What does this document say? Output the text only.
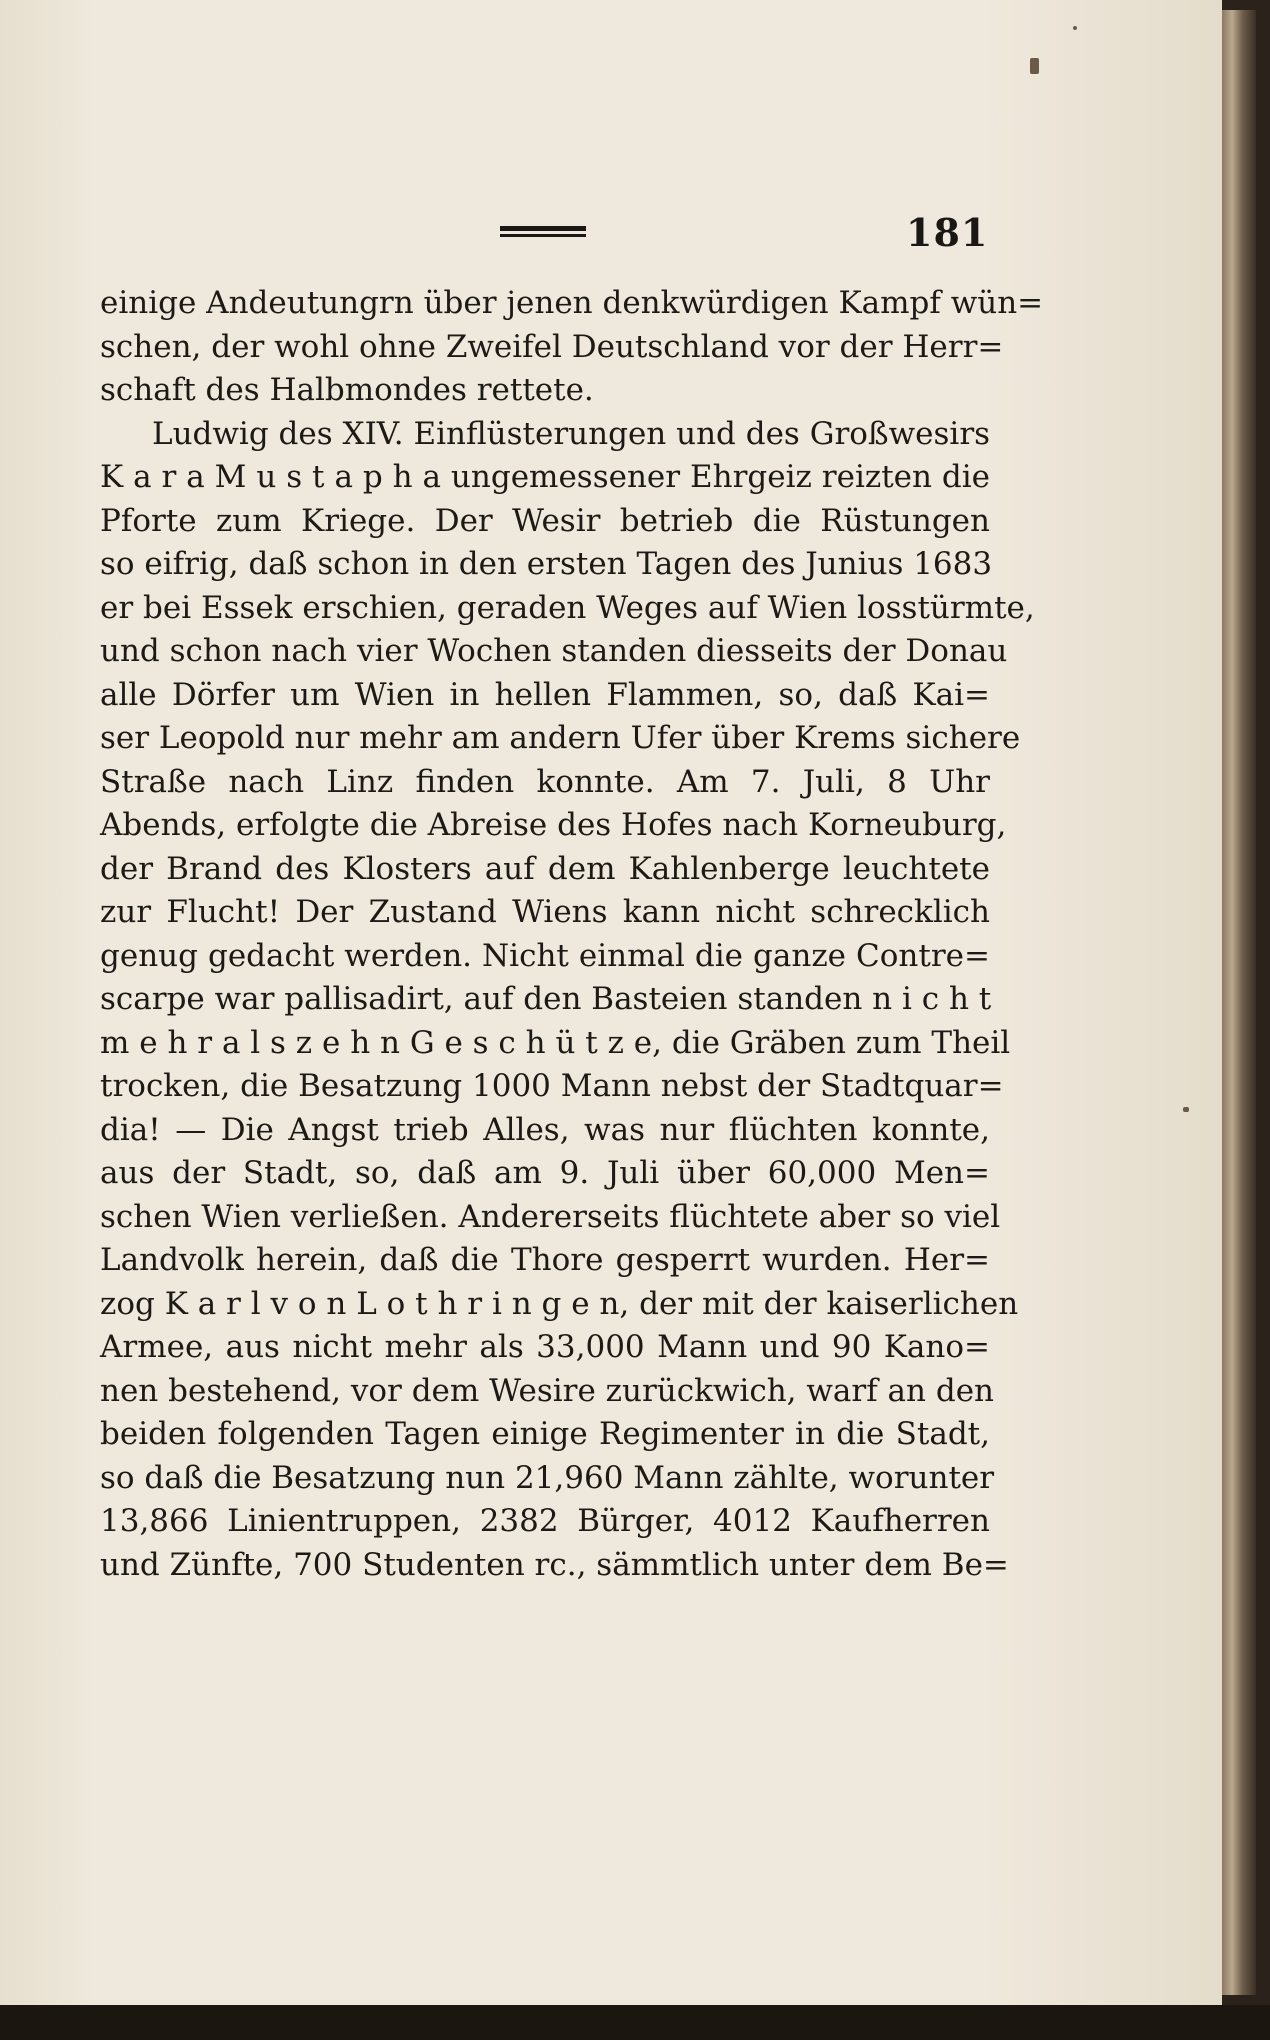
181
einige Andeutungrn über jenen denkwürdigen Kampf wün=
schen, der wohl ohne Zweifel Deutschland vor der Herr=
schaft des Halbmondes rettete.
Ludwig des XIV. Einflüsterungen und des Großwesirs
K a r a M u s t a p h a ungemessener Ehrgeiz reizten die
Pforte zum Kriege. Der Wesir betrieb die Rüstungen
so eifrig, daß schon in den ersten Tagen des Junius 1683
er bei Essek erschien, geraden Weges auf Wien losstürmte,
und schon nach vier Wochen standen diesseits der Donau
alle Dörfer um Wien in hellen Flammen, so, daß Kai=
ser Leopold nur mehr am andern Ufer über Krems sichere
Straße nach Linz finden konnte. Am 7. Juli, 8 Uhr
Abends, erfolgte die Abreise des Hofes nach Korneuburg,
der Brand des Klosters auf dem Kahlenberge leuchtete
zur Flucht! Der Zustand Wiens kann nicht schrecklich
genug gedacht werden. Nicht einmal die ganze Contre=
scarpe war pallisadirt, auf den Basteien standen n i c h t
m e h r a l s z e h n G e s c h ü t z e, die Gräben zum Theil
trocken, die Besatzung 1000 Mann nebst der Stadtquar=
dia! — Die Angst trieb Alles, was nur flüchten konnte,
aus der Stadt, so, daß am 9. Juli über 60,000 Men=
schen Wien verließen. Andererseits flüchtete aber so viel
Landvolk herein, daß die Thore gesperrt wurden. Her=
zog K a r l v o n L o t h r i n g e n, der mit der kaiserlichen
Armee, aus nicht mehr als 33,000 Mann und 90 Kano=
nen bestehend, vor dem Wesire zurückwich, warf an den
beiden folgenden Tagen einige Regimenter in die Stadt,
so daß die Besatzung nun 21,960 Mann zählte, worunter
13,866 Linientruppen, 2382 Bürger, 4012 Kaufherren
und Zünfte, 700 Studenten rc., sämmtlich unter dem Be=
